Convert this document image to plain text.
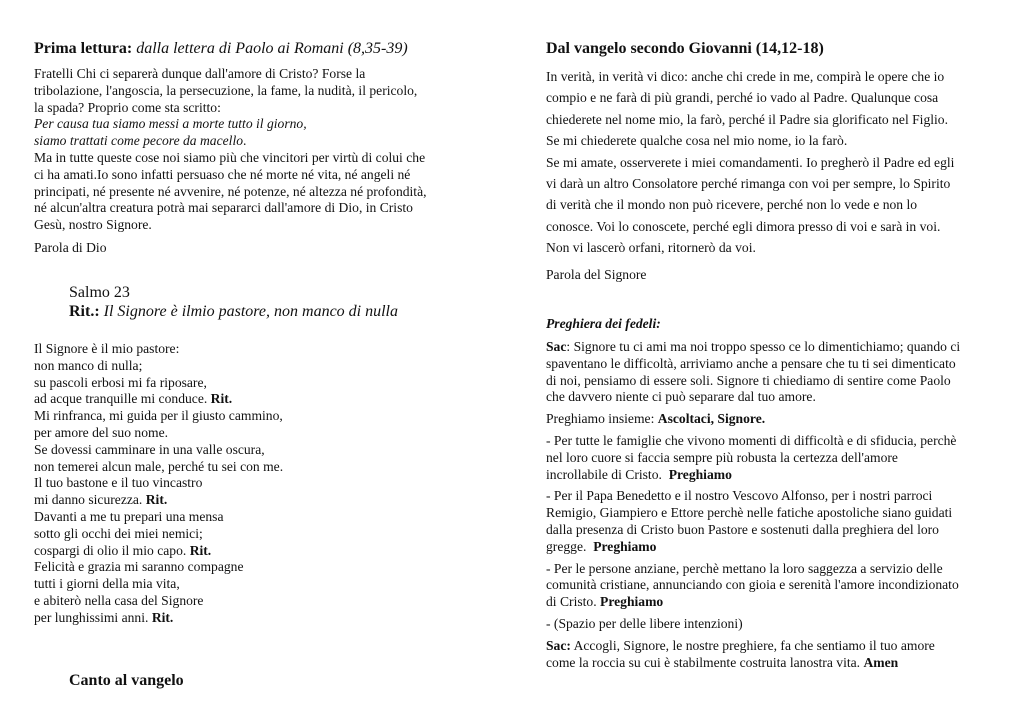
Prima lettura: dalla lettera di Paolo ai Romani (8,35-39)

Fratelli Chi ci separerà dunque dall'amore di Cristo? Forse la

tribolazione, l'angoscia, la persecuzione, la fame, la nudità, il pericolo,

la spada? Proprio come sta scritto:

Per causa tua siamo messi a morte tutto il giorno,

siamo trattati come pecore da macello.

Ma in tutte queste cose noi siamo più che vincitori per virtù di colui che

ci ha amati.Io sono infatti persuaso che né morte né vita, né angeli né

principati, né presente né avvenire, né potenze, né altezza né profondità,

né alcun'altra creatura potrà mai separarci dall'amore di Dio, in Cristo

Gesù, nostro Signore.

Parola di Dio

Salmo 23

Rit.: Il Signore è ilmio pastore, non manco di nulla

Il Signore è il mio pastore:

non manco di nulla;

su pascoli erbosi mi fa riposare,

ad acque tranquille mi conduce. Rit.

Mi rinfranca, mi guida per il giusto cammino,

per amore del suo nome.

Se dovessi camminare in una valle oscura,

non temerei alcun male, perché tu sei con me.

Il tuo bastone e il tuo vincastro

mi danno sicurezza. Rit.

Davanti a me tu prepari una mensa

sotto gli occhi dei miei nemici;

cospargi di olio il mio capo. Rit.

Felicità e grazia mi saranno compagne

tutti i giorni della mia vita,

e abiterò nella casa del Signore

per lunghissimi anni. Rit.

Canto al vangelo
Dal vangelo secondo Giovanni (14,12-18)

In verità, in verità vi dico: anche chi crede in me, compirà le opere che io

compio e ne farà di più grandi, perché io vado al Padre. Qualunque cosa

chiederete nel nome mio, la farò, perché il Padre sia glorificato nel Figlio.

Se mi chiederete qualche cosa nel mio nome, io la farò.

Se mi amate, osserverete i miei comandamenti. Io pregherò il Padre ed egli

vi darà un altro Consolatore perché rimanga con voi per sempre, lo Spirito

di verità che il mondo non può ricevere, perché non lo vede e non lo

conosce. Voi lo conoscete, perché egli dimora presso di voi e sarà in voi.

Non vi lascerò orfani, ritornerò da voi.

Parola del Signore
Preghiera dei fedeli:

Sac: Signore tu ci ami ma noi troppo spesso ce lo dimentichiamo; quando ci

spaventano le difficoltà, arriviamo anche a pensare che tu ti sei dimenticato

di noi, pensiamo di essere soli. Signore ti chiediamo di sentire come Paolo

che davvero niente ci può separare dal tuo amore.

Preghiamo insieme: Ascoltaci, Signore.

- Per tutte le famiglie che vivono momenti di difficoltà e di sfiducia, perchè

nel loro cuore si faccia sempre più robusta la certezza dell'amore

incrollabile di Cristo.  Preghiamo

- Per il Papa Benedetto e il nostro Vescovo Alfonso, per i nostri parroci

Remigio, Giampiero e Ettore perchè nelle fatiche apostoliche siano guidati

dalla presenza di Cristo buon Pastore e sostenuti dalla preghiera del loro

gregge.  Preghiamo

- Per le persone anziane, perchè mettano la loro saggezza a servizio delle

comunità cristiane, annunciando con gioia e serenità l'amore incondizionato

di Cristo. Preghiamo

- (Spazio per delle libere intenzioni)

Sac: Accogli, Signore, le nostre preghiere, fa che sentiamo il tuo amore

come la roccia su cui è stabilmente costruita lanostra vita. Amen
